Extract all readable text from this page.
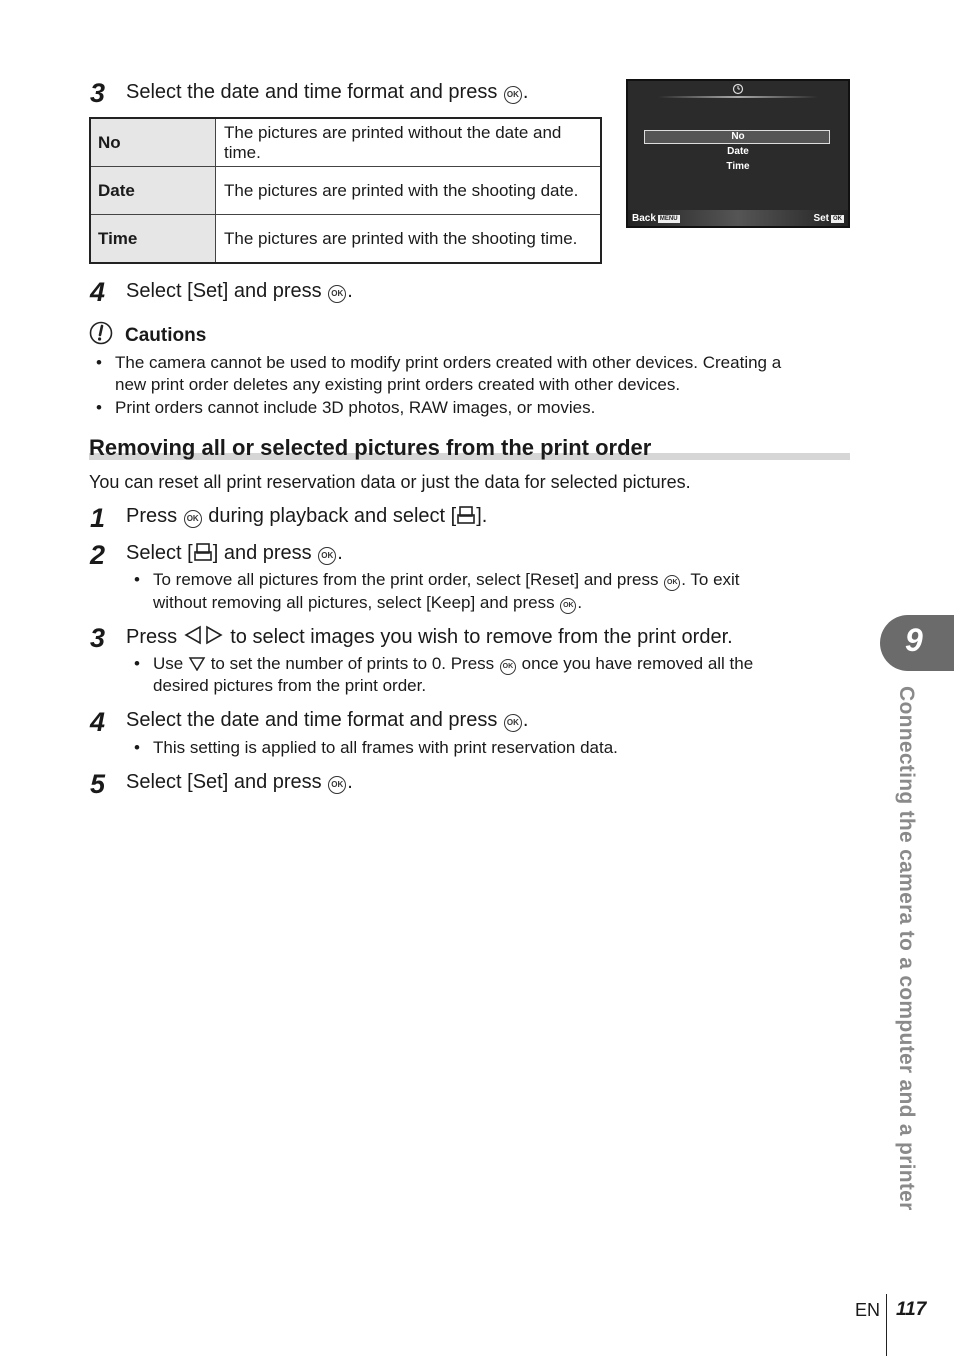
3 Select the date and time format and press OK .
No	The pictures are printed without the date and time.
Date	The pictures are printed with the shooting date.
Time	The pictures are printed with the shooting time.
No
Date
Time
Back MENU	Set OK
4 Select [Set] and press OK .
Cautions
• The camera cannot be used to modify print orders created with other devices. Creating a
new print order deletes any existing print orders created with other devices.
• Print orders cannot include 3D photos, RAW images, or movies.
Removing all or selected pictures from the print order
You can reset all print reservation data or just the data for selected pictures.
1 Press OK during playback and select [ ].
2 Select [ ] and press OK .
• To remove all pictures from the print order, select [Reset] and press OK . To exit
without removing all pictures, select [Keep] and press OK .
3 Press	to select images you wish to remove from the print order.
• Use to set the number of prints to 0. Press OK once you have removed all the
desired pictures from the print order.
4 Select the date and time format and press OK .
• This setting is applied to all frames with print reservation data.
5 Select [Set] and press OK .
9
Connecting the camera to a computer and a printer
EN 117
